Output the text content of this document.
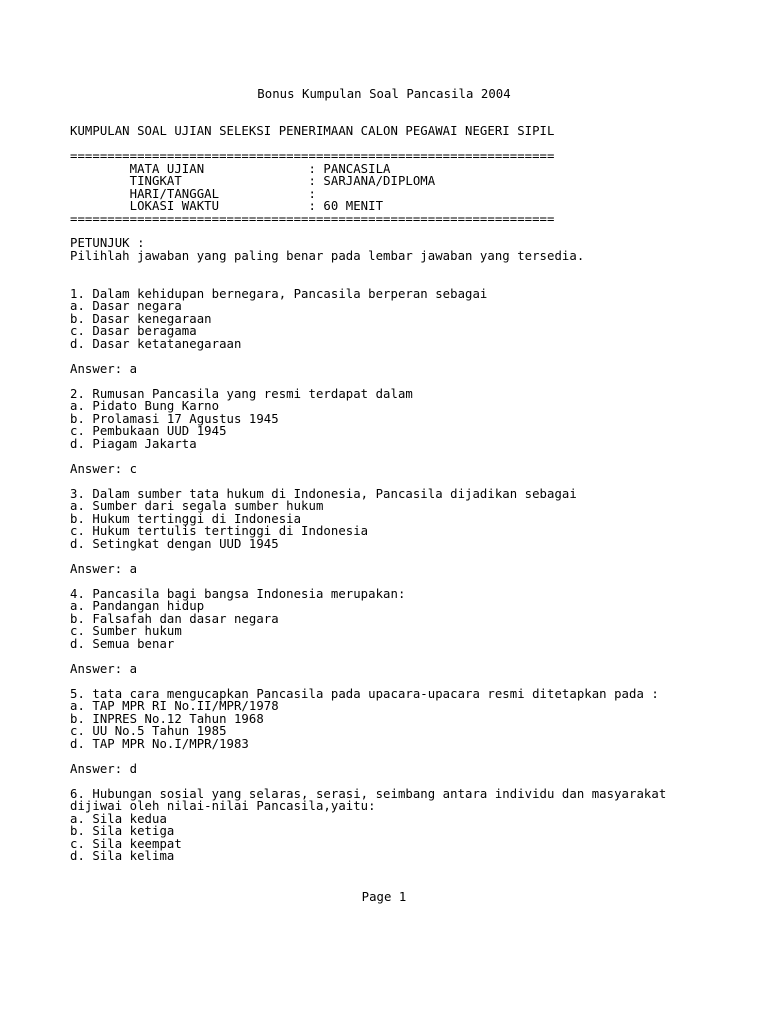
Bonus Kumpulan Soal Pancasila 2004
KUMPULAN SOAL UJIAN SELEKSI PENERIMAAN CALON PEGAWAI NEGERI SIPIL
=================================================================
MATA UJIAN              : PANCASILA
TINGKAT                 : SARJANA/DIPLOMA
HARI/TANGGAL            :
LOKASI WAKTU            : 60 MENIT
=================================================================
PETUNJUK :
Pilihlah jawaban yang paling benar pada lembar jawaban yang tersedia.
1. Dalam kehidupan bernegara, Pancasila berperan sebagai
a. Dasar negara
b. Dasar kenegaraan
c. Dasar beragama
d. Dasar ketatanegaraan
Answer: a
2. Rumusan Pancasila yang resmi terdapat dalam
a. Pidato Bung Karno
b. Prolamasi 17 Agustus 1945
c. Pembukaan UUD 1945
d. Piagam Jakarta
Answer: c
3. Dalam sumber tata hukum di Indonesia, Pancasila dijadikan sebagai
a. Sumber dari segala sumber hukum
b. Hukum tertinggi di Indonesia
c. Hukum tertulis tertinggi di Indonesia
d. Setingkat dengan UUD 1945
Answer: a
4. Pancasila bagi bangsa Indonesia merupakan:
a. Pandangan hidup
b. Falsafah dan dasar negara
c. Sumber hukum
d. Semua benar
Answer: a
5. tata cara mengucapkan Pancasila pada upacara-upacara resmi ditetapkan pada :
a. TAP MPR RI No.II/MPR/1978
b. INPRES No.12 Tahun 1968
c. UU No.5 Tahun 1985
d. TAP MPR No.I/MPR/1983
Answer: d
6. Hubungan sosial yang selaras, serasi, seimbang antara individu dan masyarakat
dijiwai oleh nilai-nilai Pancasila,yaitu:
a. Sila kedua
b. Sila ketiga
c. Sila keempat
d. Sila kelima
Page 1
